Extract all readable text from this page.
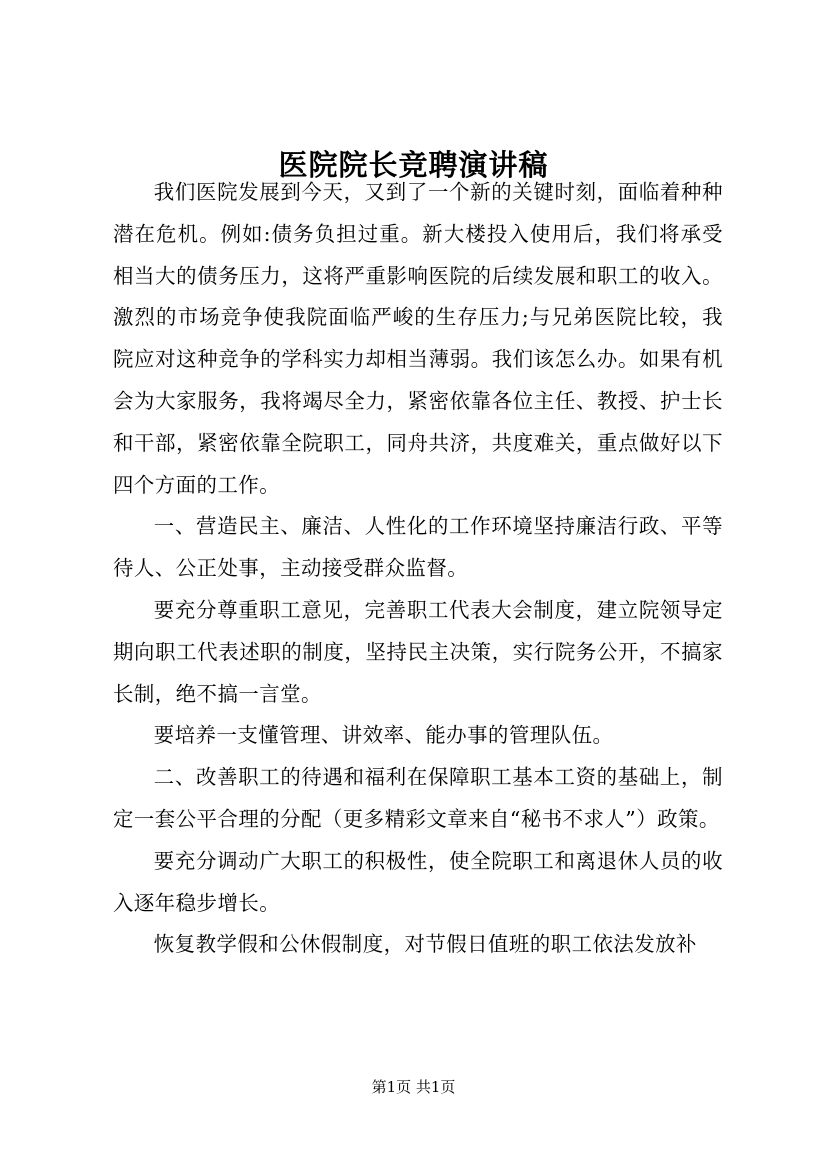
医院院长竞聘演讲稿

我们医院发展到今天，又到了一个新的关键时刻，面临着种种潜在危机。例如:债务负担过重。新大楼投入使用后，我们将承受相当大的债务压力，这将严重影响医院的后续发展和职工的收入。激烈的市场竞争使我院面临严峻的生存压力;与兄弟医院比较，我院应对这种竞争的学科实力却相当薄弱。我们该怎么办。如果有机会为大家服务，我将竭尽全力，紧密依靠各位主任、教授、护士长和干部，紧密依靠全院职工，同舟共济，共度难关，重点做好以下四个方面的工作。

一、营造民主、廉洁、人性化的工作环境坚持廉洁行政、平等待人、公正处事，主动接受群众监督。

要充分尊重职工意见，完善职工代表大会制度，建立院领导定期向职工代表述职的制度，坚持民主决策，实行院务公开，不搞家长制，绝不搞一言堂。

要培养一支懂管理、讲效率、能办事的管理队伍。

二、改善职工的待遇和福利在保障职工基本工资的基础上，制定一套公平合理的分配（更多精彩文章来自“秘书不求人”）政策。

要充分调动广大职工的积极性，使全院职工和离退休人员的收入逐年稳步增长。

恢复教学假和公休假制度，对节假日值班的职工依法发放补

第1页 共1页
